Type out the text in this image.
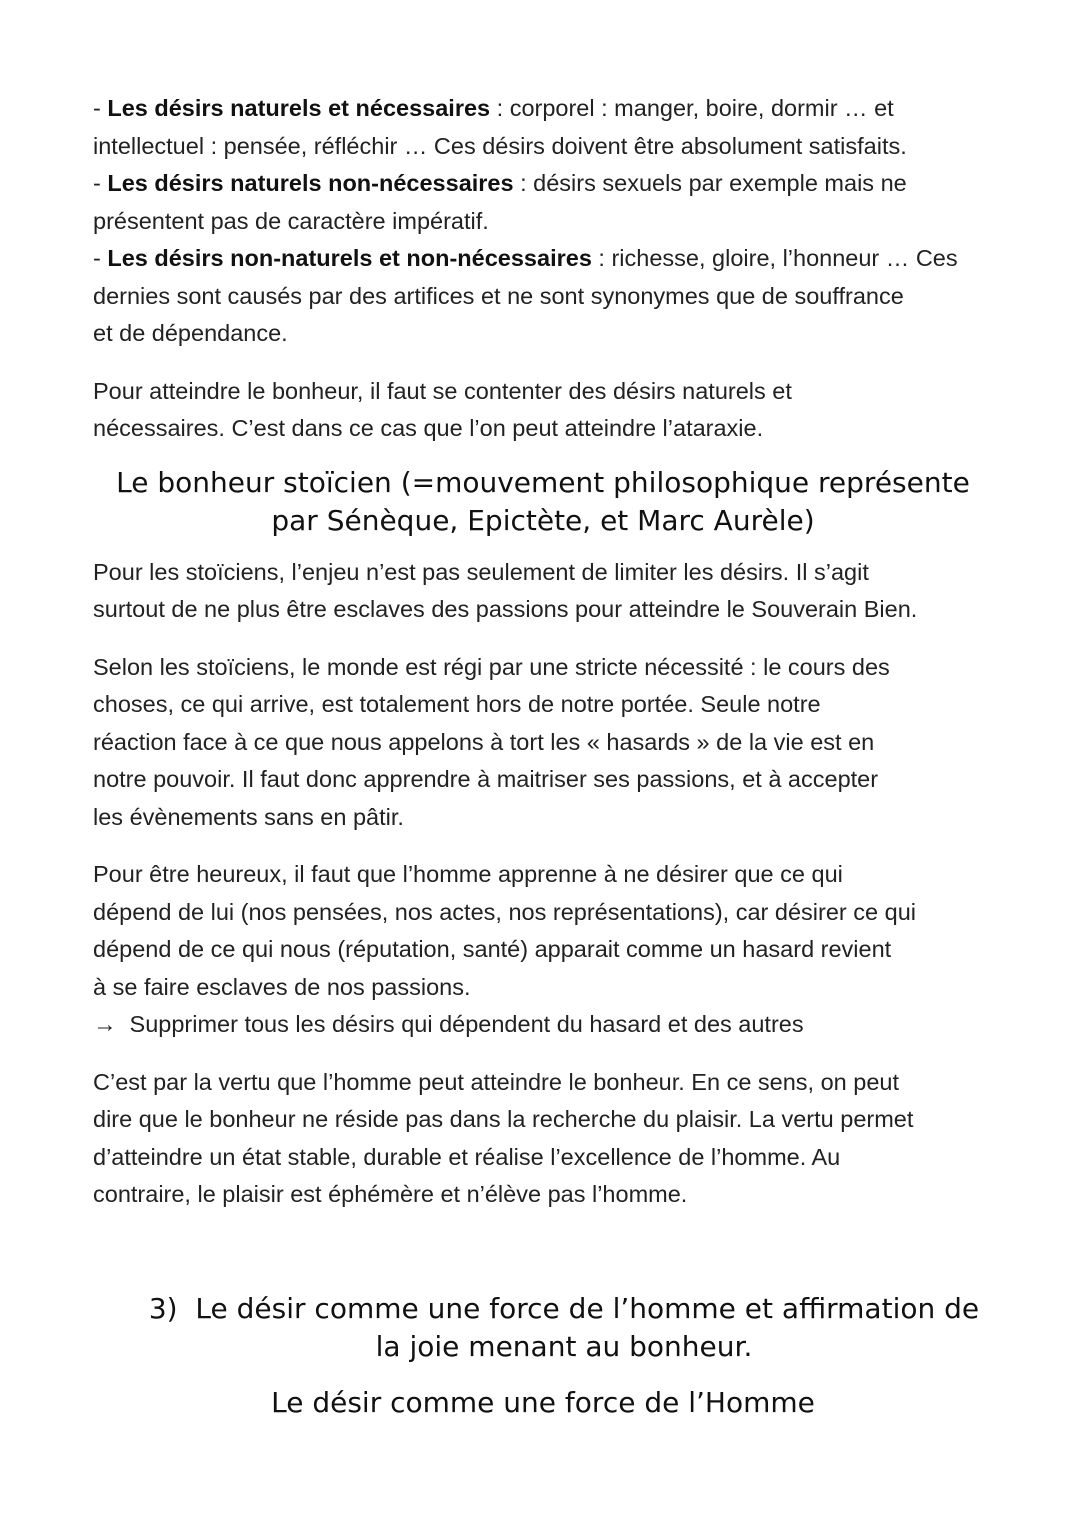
- Les désirs naturels et nécessaires : corporel : manger, boire, dormir … et
intellectuel : pensée, réfléchir … Ces désirs doivent être absolument satisfaits.
- Les désirs naturels non-nécessaires : désirs sexuels par exemple mais ne
présentent pas de caractère impératif.
- Les désirs non-naturels et non-nécessaires : richesse, gloire, l’honneur … Ces
dernies sont causés par des artifices et ne sont synonymes que de souffrance
et de dépendance.
Pour atteindre le bonheur, il faut se contenter des désirs naturels et
nécessaires. C’est dans ce cas que l’on peut atteindre l’ataraxie.
Le bonheur stoïcien (=mouvement philosophique représente
par Sénèque, Epictète, et Marc Aurèle)
Pour les stoïciens, l’enjeu n’est pas seulement de limiter les désirs. Il s’agit
surtout de ne plus être esclaves des passions pour atteindre le Souverain Bien.
Selon les stoïciens, le monde est régi par une stricte nécessité : le cours des
choses, ce qui arrive, est totalement hors de notre portée. Seule notre
réaction face à ce que nous appelons à tort les « hasards » de la vie est en
notre pouvoir. Il faut donc apprendre à maitriser ses passions, et à accepter
les évènements sans en pâtir.
Pour être heureux, il faut que l’homme apprenne à ne désirer que ce qui
dépend de lui (nos pensées, nos actes, nos représentations), car désirer ce qui
dépend de ce qui nous (réputation, santé) apparait comme un hasard revient
à se faire esclaves de nos passions.
→ Supprimer tous les désirs qui dépendent du hasard et des autres
C’est par la vertu que l’homme peut atteindre le bonheur. En ce sens, on peut
dire que le bonheur ne réside pas dans la recherche du plaisir. La vertu permet
d’atteindre un état stable, durable et réalise l’excellence de l’homme. Au
contraire, le plaisir est éphémère et n’élève pas l’homme.
3) Le désir comme une force de l’homme et affirmation de
la joie menant au bonheur.
Le désir comme une force de l’Homme
